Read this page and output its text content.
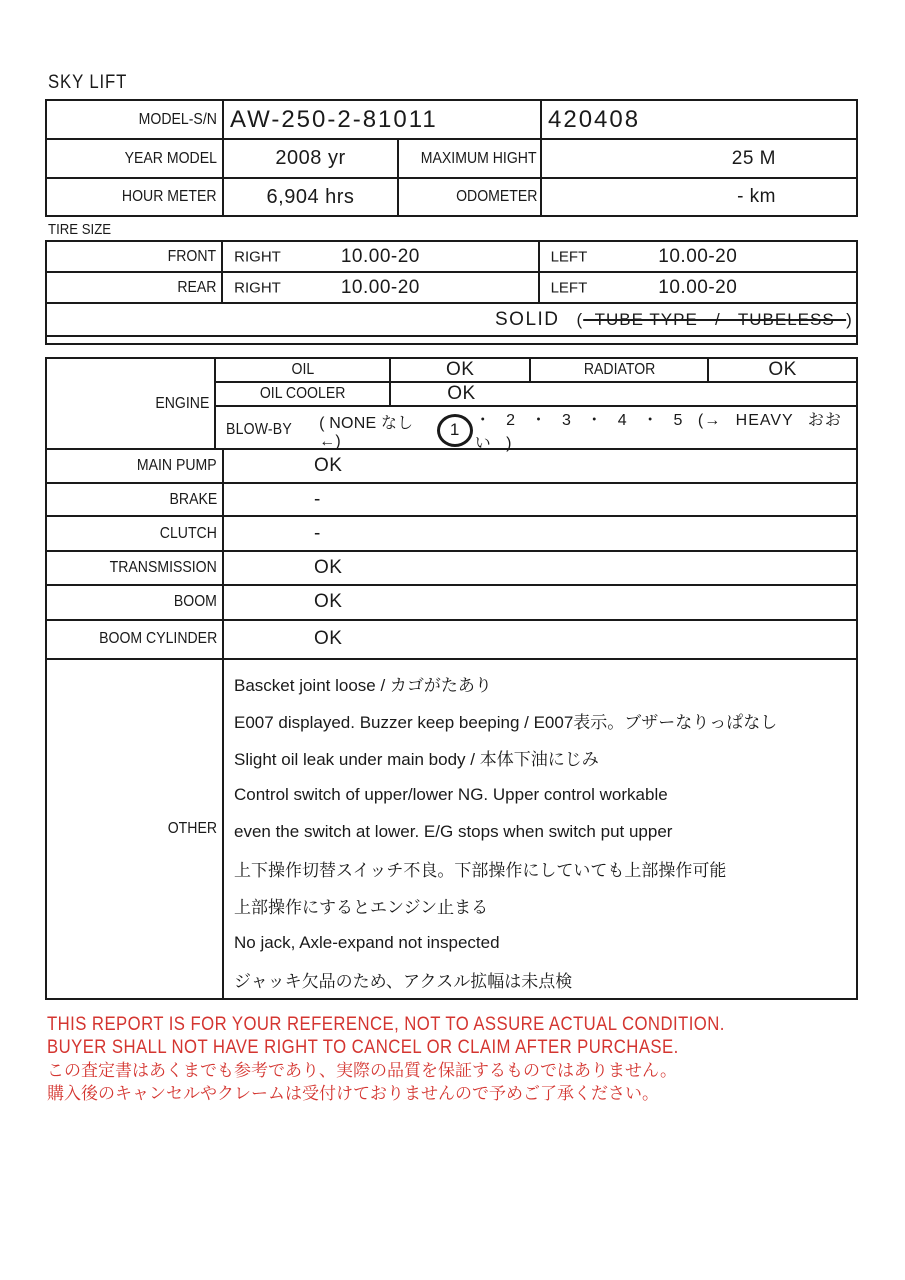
SKY LIFT
MODEL-S/N AW-250-2-81011	420408
YEAR MODEL	2008 yr	MAXIMUM HIGHT	25 M
HOUR METER 6,904 hrs	ODOMETER	- km
TIRE SIZE
FRONT RIGHT	10.00-20	LEFT	10.00-20
REAR RIGHT	10.00-20	LEFT	10.00-20
SOLID (  TUBE TYPE   /   TUBELESS  )
ENGINE
OIL	OK	RADIATOR	OK
OIL COOLER	OK
BLOW-BY ( NONE なし ←)
1 ・ 2 ・ 3 ・ 4 ・ 5 (→ HEAVY おおい )
MAIN PUMP	OK
BRAKE	-
CLUTCH	-
TRANSMISSION	OK
BOOM	OK
BOOM CYLINDER	OK
OTHER
Bascket joint loose / カゴがたあり
E007 displayed. Buzzer keep beeping / E007表示。ブザーなりっぱなし
Slight oil leak under main body / 本体下油にじみ
Control switch of upper/lower NG. Upper control workable
even the switch at lower. E/G stops when switch put upper
上下操作切替スイッチ不良。下部操作にしていても上部操作可能
上部操作にするとエンジン止まる
No jack, Axle-expand not inspected
ジャッキ欠品のため、アクスル拡幅は未点検
THIS REPORT IS FOR YOUR REFERENCE, NOT TO ASSURE ACTUAL CONDITION.
BUYER SHALL NOT HAVE RIGHT TO CANCEL OR CLAIM AFTER PURCHASE.
この査定書はあくまでも参考であり、実際の品質を保証するものではありません。
購入後のキャンセルやクレームは受付けておりませんので予めご了承ください。
